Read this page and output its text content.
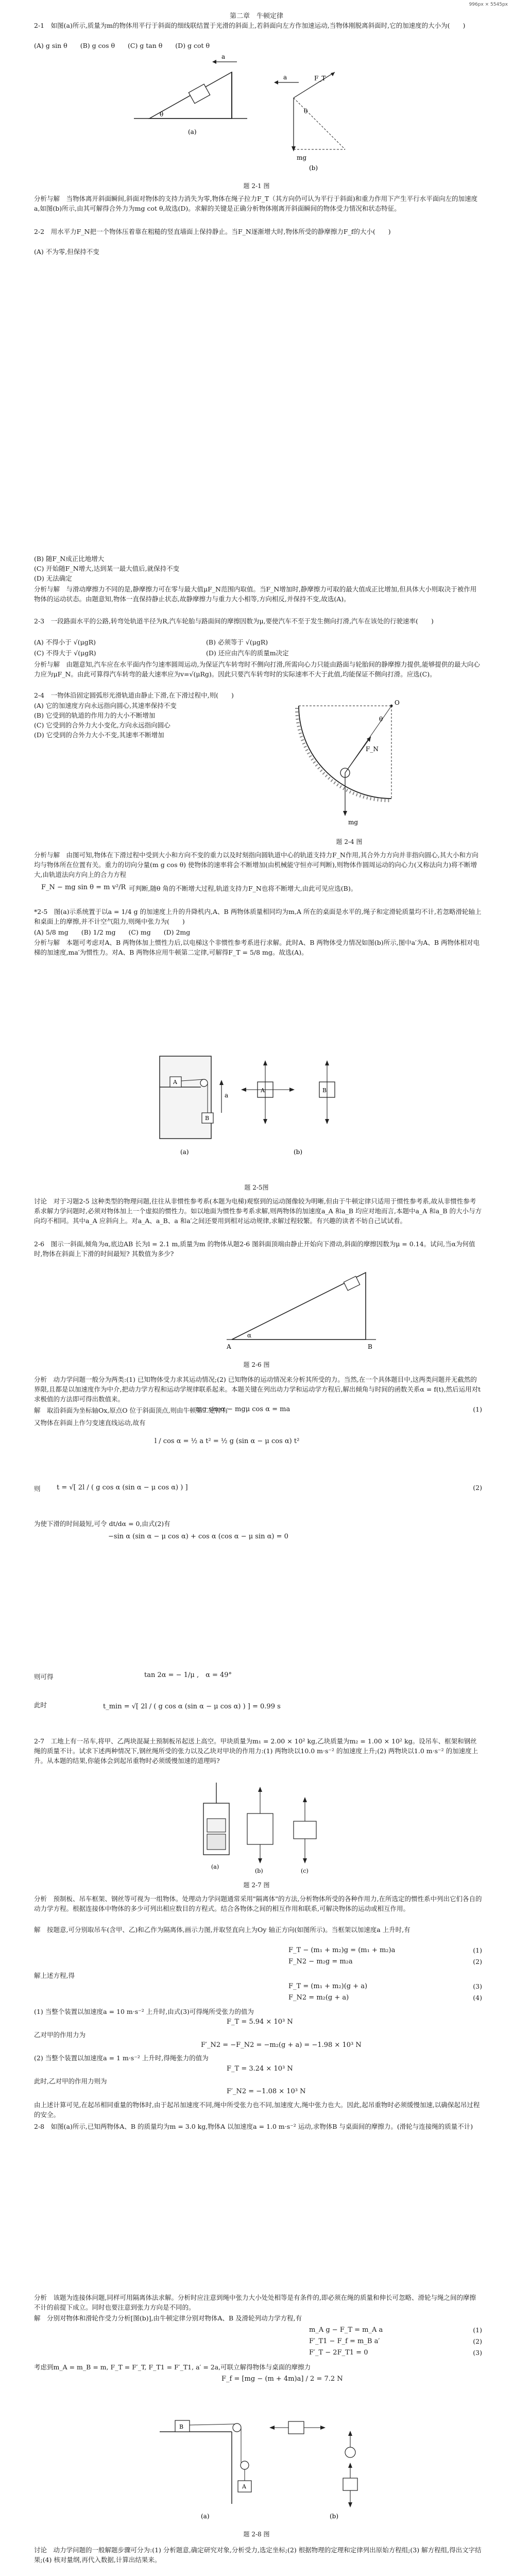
996px × 5545px
第二章　牛顿定律
2-1　如图(a)所示,质量为m的物体用平行于斜面的细线联结置于光滑的斜面上,若斜面向左方作加速运动,当物体刚脱离斜面时,它的加速度的大小为(　　)
(A) g sin θ　　(B) g cos θ　　(C) g tan θ　　(D) g cot θ
θ
a
(a)
a	F_T
mg
θ
(b)
题 2-1 图
分析与解　当物体离开斜面瞬间,斜面对物体的支持力消失为零,物体在绳子拉力F_T（其方向仍可认为平行于斜面)和重力作用下产生平行水平面向左的加速度a,如图(b)所示,由其可解得合外力为mg cot θ,故选(D)。求解的关键是正确分析物体刚离开斜面瞬间的物体受力情况和状态特征。
2-2　用水平力F_N把一个物体压着靠在粗糙的竖直墙面上保持静止。当F_N逐渐增大时,物体所受的静摩擦力F_f的大小(　　)
(A) 不为零,但保持不变
(B) 随F_N成正比地增大
(C) 开始随F_N增大,达到某一最大值后,就保持不变
(D) 无法确定
分析与解　与滑动摩擦力不同的是,静摩擦力可在零与最大值μF_N范围内取值。当F_N增加时,静摩擦力可取的最大值成正比增加,但具体大小则取决于被作用物体的运动状态。由题意知,物体一直保持静止状态,故静摩擦力与重力大小相等,方向相反,并保持不变,故选(A)。
2-3　一段路面水平的公路,转弯处轨道半径为R,汽车轮胎与路面间的摩擦因数为μ,要使汽车不至于发生侧向打滑,汽车在该处的行驶速率(　　)
(A) 不得小于 √(μgR)	(B) 必须等于 √(μgR)
(C) 不得大于 √(μgR)	(D) 还应由汽车的质量m决定
分析与解　由题意知,汽车应在水平面内作匀速率圆周运动,为保证汽车转弯时不侧向打滑,所需向心力只能由路面与轮胎间的静摩擦力提供,能够提供的最大向心力应为μF_N。由此可算得汽车转弯的最大速率应为v=√(μRg)。因此只要汽车转弯时的实际速率不大于此值,均能保证不侧向打滑。应选(C)。
2-4　一物体沿固定圆弧形光滑轨道由静止下滑,在下滑过程中,则(　　)
(A) 它的加速度方向永远指向圆心,其速率保持不变
(B) 它受到的轨道的作用力的大小不断增加
(C) 它受到的合外力大小变化,方向永远指向圆心
(D) 它受到的合外力大小不变,其速率不断增加
O
F_N
mg
θ
题 2-4 图
分析与解　由图可知,物体在下滑过程中受到大小和方向不变的重力以及时刻指向圆轨道中心的轨道支持力F_N作用,其合外力方向并非指向圆心,其大小和方向均与物体所在位置有关。重力的切向分量(m g cos θ) 使物体的速率将会不断增加(由机械能守恒亦可判断),则物体作圆周运动的向心力(又称法向力)将不断增大,由轨道法向方向上的合力方程
F_N − mg sin θ = m v²/R 可判断,随θ 角的不断增大过程,轨道支持力F_N也将不断增大,由此可见应选(B)。
*2-5　图(a)示系统置于以a = 1/4 g 的加速度上升的升降机内,A、B 两物体质量相同均为m,A 所在的桌面是水平的,绳子和定滑轮质量均不计,若忽略滑轮轴上和桌面上的摩擦,并不计空气阻力,则绳中张力为(　　)
(A) 5/8 mg　　(B) 1/2 mg　　(C) mg　　(D) 2mg
分析与解　本题可考虑对A、B 两物体加上惯性力后,以电梯这个非惯性参考系进行求解。此时A、B 两物体受力情况如图(b)所示,图中a′为A、B 两物体相对电梯的加速度,ma′为惯性力。对A、B 两物体应用牛顿第二定律,可解得F_T = 5/8 mg。故选(A)。
A
B
a
(a)
A	B
(b)
题 2-5图
讨论　对于习题2-5 这种类型的物理问题,往往从非惯性参考系(本题为电梯)观察到的运动图像较为明晰,但由于牛顿定律只适用于惯性参考系,故从非惯性参考系求解力学问题时,必须对物体加上一个虚拟的惯性力。如以地面为惯性参考系求解,则两物体的加速度a_A 和a_B 均应对地而言,本题中a_A 和a_B 的大小与方向均不相同。其中a_A 应斜向上。对a_A、a_B、a 和a′之间还要用到相对运动规律,求解过程较繁。有兴趣的读者不妨自己试试看。
2-6　图示一斜面,倾角为α,底边AB 长为l = 2.1 m,质量为m 的物体从题2-6 图斜面顶端由静止开始向下滑动,斜面的摩擦因数为μ = 0.14。试问,当α为何值时,物体在斜面上下滑的时间最短? 其数值为多少?
α
A	B
题 2-6 图
分析　动力学问题一般分为两类:(1) 已知物体受力求其运动情况;(2) 已知物体的运动情况来分析其所受的力。当然,在一个具体题目中,这两类问题并无截然的界限,且都是以加速度作为中介,把动力学方程和运动学规律联系起来。本题关键在列出动力学和运动学方程后,解出倾角与时间的函数关系α = f(t),然后运用对t 求极值的方法即可得出数值来。
解　取沿斜面为坐标轴Ox,原点O 位于斜面顶点,则由牛顿第二定律有
mg sin α − mgμ cos α = ma	(1)
又物体在斜面上作匀变速直线运动,故有
l / cos α = ½ a t² = ½ g (sin α − μ cos α) t²
则	t = √[ 2l / ( g cos α (sin α − μ cos α) ) ]	(2)
为使下滑的时间最短,可令 dt/dα = 0,由式(2)有
−sin α (sin α − μ cos α) + cos α (cos α − μ sin α) = 0
则可得	tan 2α = − 1/μ ,　α = 49°
此时	t_min = √[ 2l / ( g cos α (sin α − μ cos α) ) ] = 0.99 s
2-7　工地上有一吊车,将甲、乙两块混凝土预制板吊起送上高空。甲块质量为m₁ = 2.00 × 10² kg,乙块质量为m₂ = 1.00 × 10² kg。设吊车、框架和钢丝绳的质量不计。试求下述两种情况下,钢丝绳所受的张力以及乙块对甲块的作用力:(1) 两物块以10.0 m·s⁻² 的加速度上升;(2) 两物块以1.0 m·s⁻² 的加速度上升。从本题的结果,你能体会到起吊重物时必须缓慢加速的道理吗?
(a)
(b)	(c)
题 2-7 图
分析　预制板、吊车框架、钢丝等可视为一组物体。处理动力学问题通常采用"隔离体"的方法,分析物体所受的各种作用力,在所选定的惯性系中列出它们各自的动力学方程。根据连接体中物体的多少可列出相应数目的方程式。结合各物体之间的相互作用和联系,可解决物体的运动或相互作用。
解　按题意,可分别取吊车(含甲、乙)和乙作为隔离体,画示力图,并取竖直向上为Oy 轴正方向(如图所示)。当框架以加速度a 上升时,有
F_T − (m₁ + m₂)g = (m₁ + m₂)a	(1)
F_N2 − m₂g = m₂a	(2)
解上述方程,得
F_T = (m₁ + m₂)(g + a)	(3)
F_N2 = m₂(g + a)	(4)
(1) 当整个装置以加速度a = 10 m·s⁻² 上升时,由式(3)可得绳所受张力的值为
F_T = 5.94 × 10³ N
乙对甲的作用力为
F′_N2 = −F_N2 = −m₂(g + a) = −1.98 × 10³ N
(2) 当整个装置以加速度a = 1 m·s⁻² 上升时,得绳张力的值为
F_T = 3.24 × 10³ N
此时,乙对甲的作用力则为
F′_N2 = −1.08 × 10³ N
由上述计算可见,在起吊相同重量的物体时,由于起吊加速度不同,绳中所受张力也不同,加速度大,绳中张力也大。因此,起吊重物时必须缓慢加速,以确保起吊过程的安全。
2-8　如图(a)所示,已知两物体A、B 的质量均为m = 3.0 kg,物体A 以加速度a = 1.0 m·s⁻² 运动,求物体B 与桌面间的摩擦力。(滑轮与连接绳的质量不计)
分析　该题为连接体问题,同样可用隔离体法求解。分析时应注意到绳中张力大小处处相等是有条件的,即必须在绳的质量和伸长可忽略、滑轮与绳之间的摩擦不计的前提下成立。同时也要注意到张力方向是不同的。
解　分别对物体和滑轮作受力分析[图(b)],由牛顿定律分别对物体A、B 及滑轮列动力学方程,有
m_A g − F_T = m_A a	(1)
F′_T1 − F_f = m_B a′	(2)
F′_T − 2F_T1 = 0	(3)
考虑到m_A = m_B = m, F_T = F′_T, F_T1 = F′_T1, a′ = 2a,可联立解得物体与桌面的摩擦力
F_f = [mg − (m + 4m)a] / 2 = 7.2 N
B
A
(a)	(b)
题 2-8 图
讨论　动力学问题的一般解题步骤可分为:(1) 分析题意,确定研究对象,分析受力,选定坐标;(2) 根据物理的定理和定律列出原始方程组;(3) 解方程组,得出文字结果;(4) 核对量纲,再代入数据,计算出结果来。
